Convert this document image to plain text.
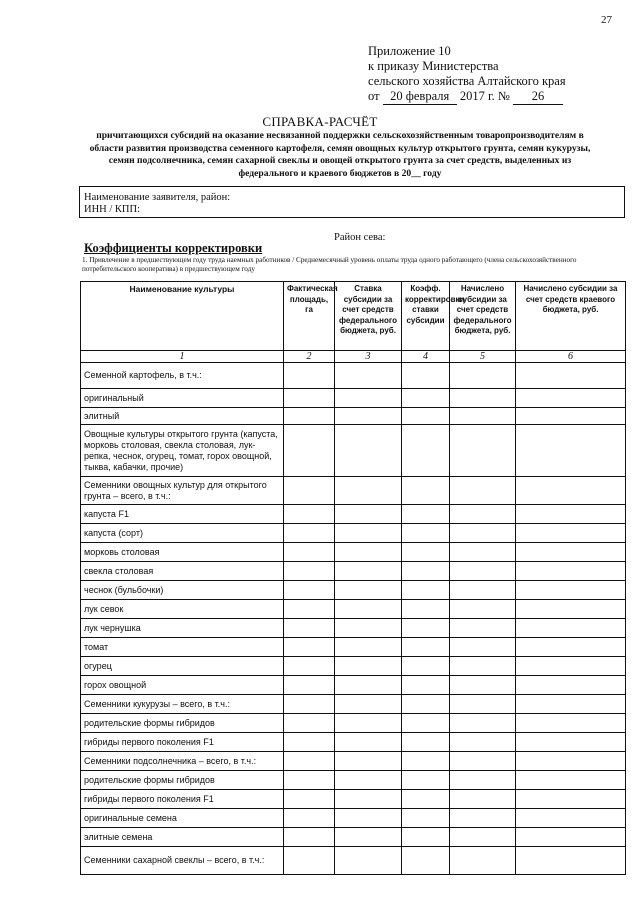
27
Приложение 10
к приказу Министерства
сельского хозяйства Алтайского края
от 20 февраля 2017 г. № 26
СПРАВКА-РАСЧЁТ
причитающихся субсидий на оказание несвязанной поддержки сельскохозяйственным товаропроизводителям в области развития производства семенного картофеля, семян овощных культур открытого грунта, семян кукурузы, семян подсолнечника, семян сахарной свеклы и овощей открытого грунта за счет средств, выделенных из федерального и краевого бюджетов в 20__ году
Наименование заявителя, район:
ИНН / КПП:
Район сева:
Коэффициенты корректировки
1. Привлечение в предшествующем году труда наемных работников / Среднемесячный уровень оплаты труда одного работающего (члена сельскохозяйственного потребительского кооператива) в предшествующем году
Наименование культуры	Фактическая площадь, га	Ставка субсидии за счет средств федерального бюджета, руб.	Коэфф. корректировки ставки субсидии	Начислено субсидии за счет средств федерального бюджета, руб.	Начислено субсидии за счет средств краевого бюджета, руб.
1	2	3	4	5	6
Семенной картофель, в т.ч.:					
оригинальный					
элитный					
Овощные культуры открытого грунта (капуста, морковь столовая, свекла столовая, лук-репка, чеснок, огурец, томат, горох овощной, тыква, кабачки, прочие)					
Семенники овощных культур для открытого грунта – всего, в т.ч.:					
капуста F1					
капуста (сорт)					
морковь столовая					
свекла столовая					
чеснок (бульбочки)					
лук севок					
лук чернушка					
томат					
огурец					
горох овощной					
Семенники кукурузы – всего, в т.ч.:					
родительские формы гибридов					
гибриды первого поколения F1					
Семенники подсолнечника – всего, в т.ч.:					
родительские формы гибридов					
гибриды первого поколения F1					
оригинальные семена					
элитные семена					
Семенники сахарной свеклы – всего, в т.ч.:					
